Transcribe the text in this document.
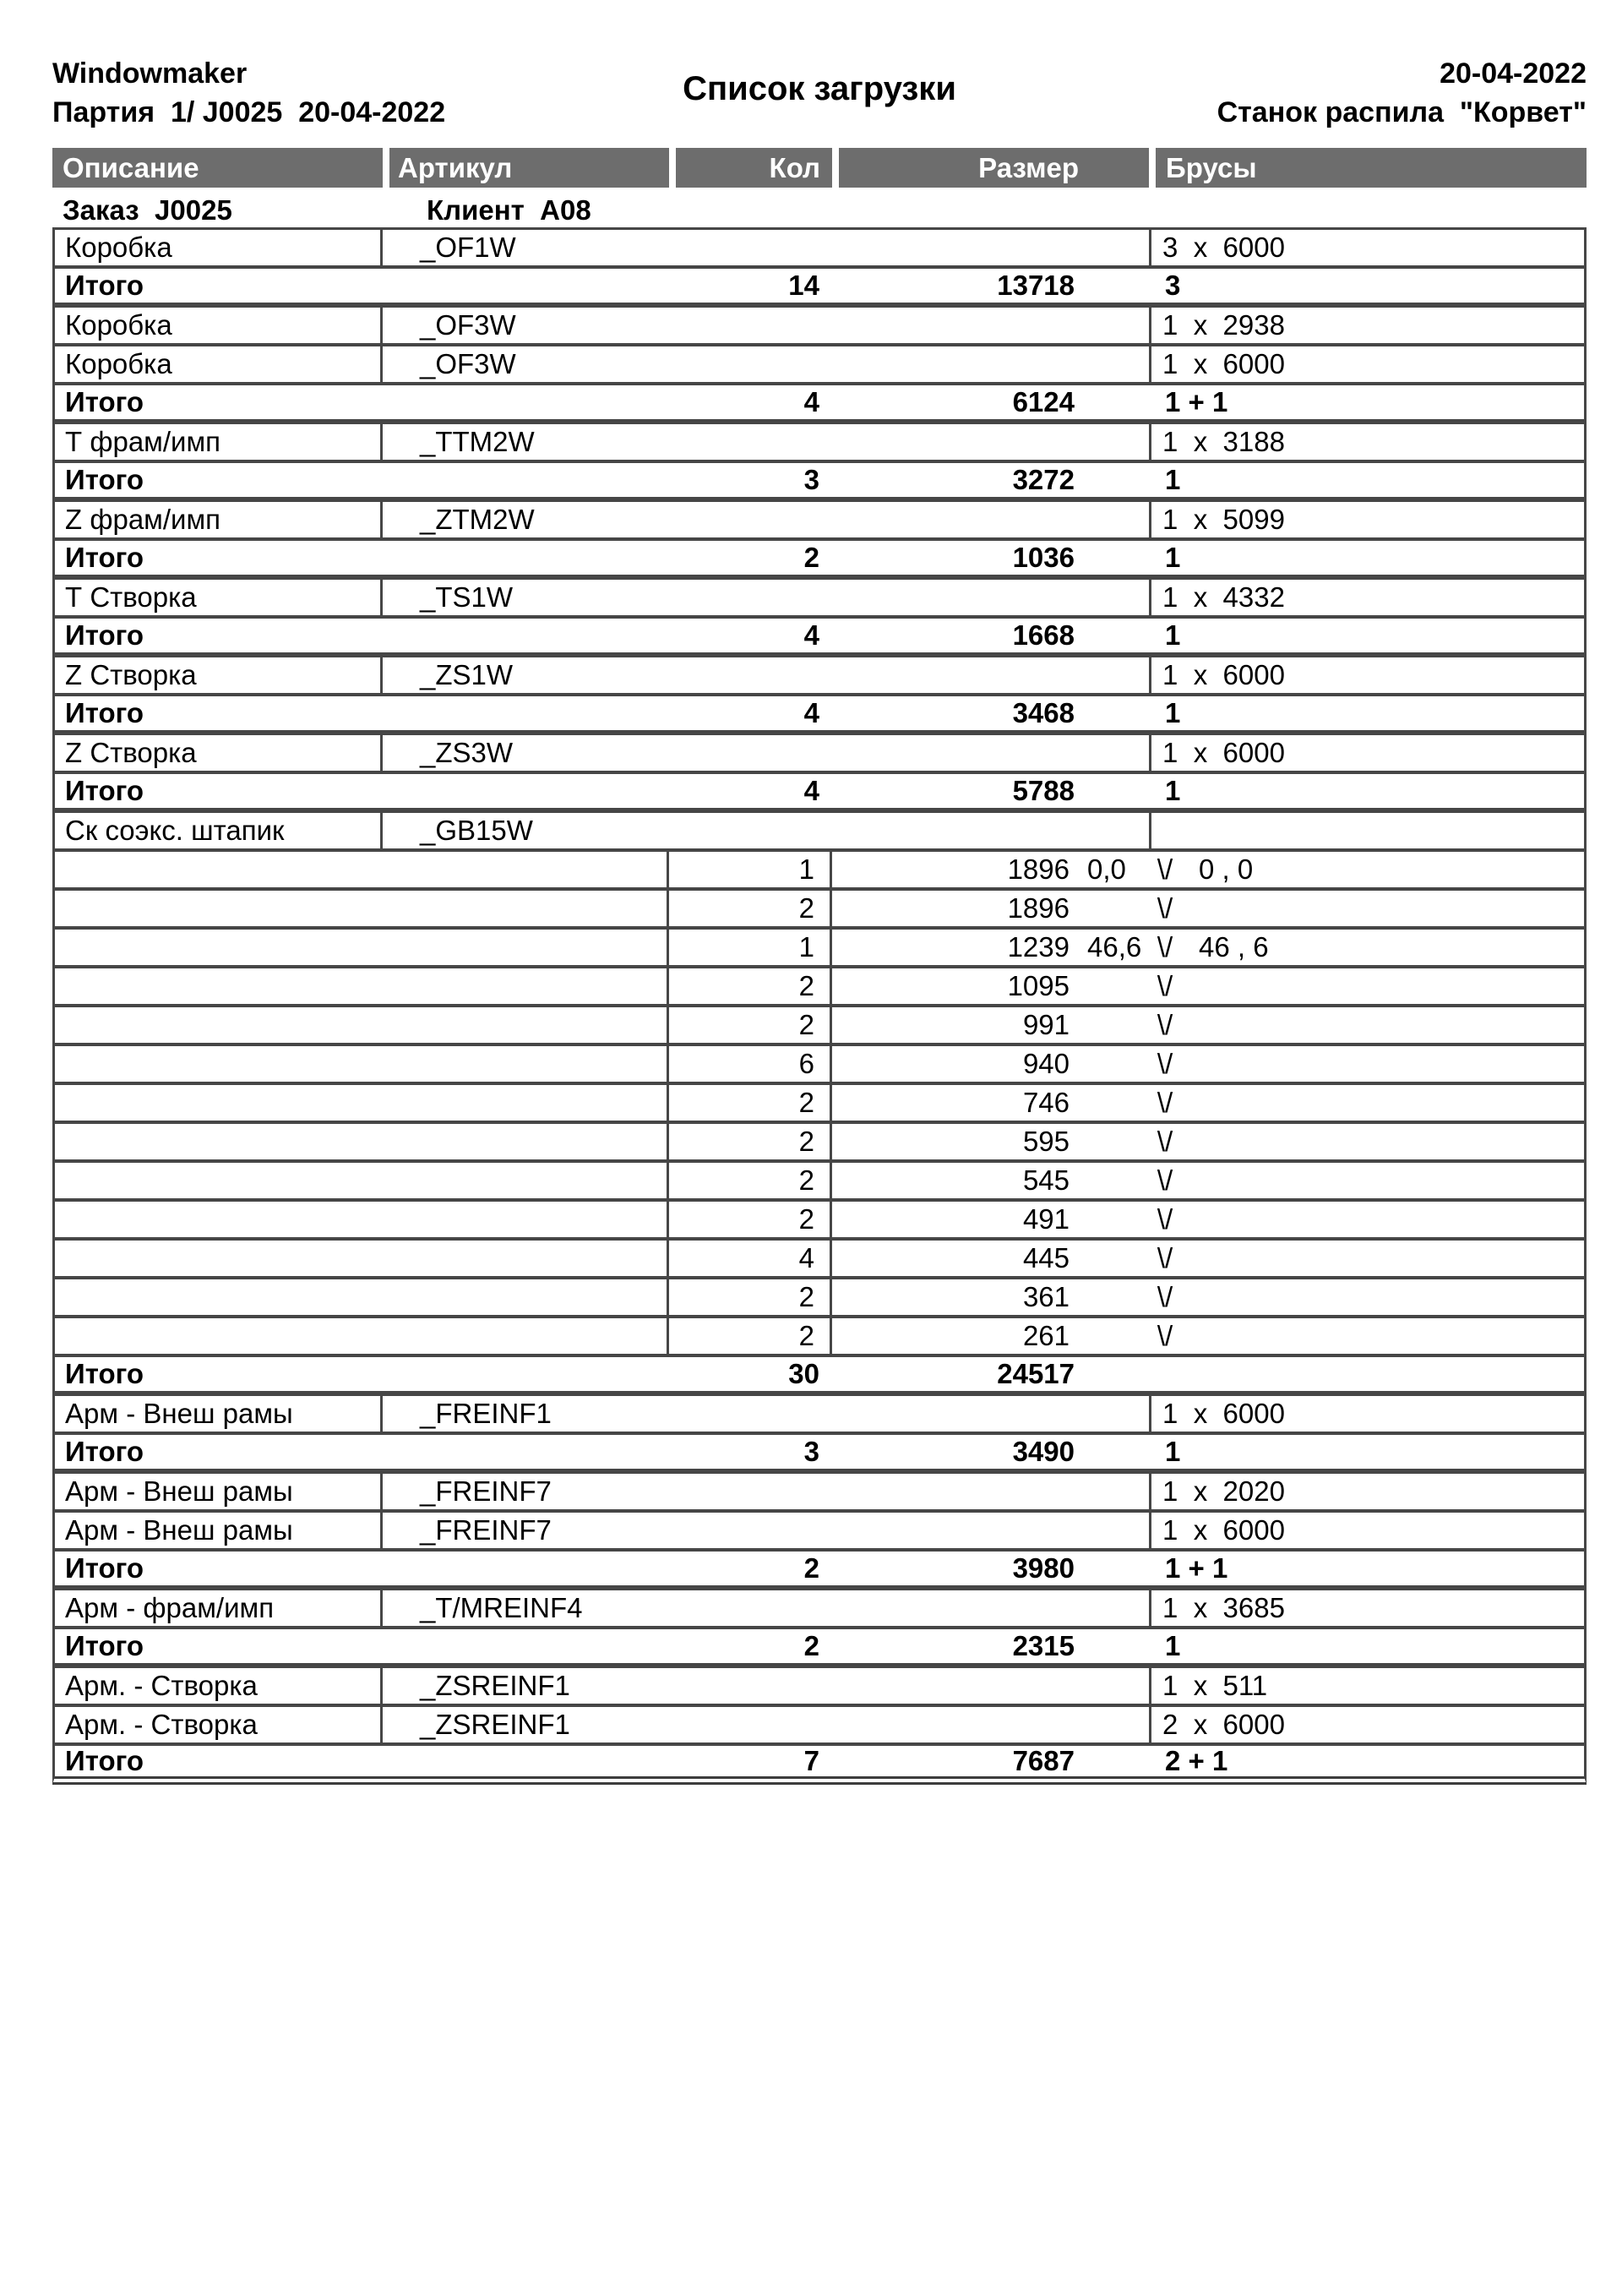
Windowmaker	Список загрузки	20-04-2022
Партия  1/ J0025  20-04-2022	Станок распила  "Корвет"
Описание	Артикул	Кол	Размер	Брусы
Заказ  J0025	Клиент  А08
Коробка	_OF1W	3  x  6000
Итого	14	13718	3
Коробка	_OF3W	1  x  2938
Коробка	_OF3W	1  x  6000
Итого	4	6124	1 + 1
Т фрам/имп	_TTM2W	1  x  3188
Итого	3	3272	1
Z фрам/имп	_ZTM2W	1  x  5099
Итого	2	1036	1
Т Створка	_TS1W	1  x  4332
Итого	4	1668	1
Z Створка	_ZS1W	1  x  6000
Итого	4	3468	1
Z Створка	_ZS3W	1  x  6000
Итого	4	5788	1
Ск соэкс. штапик	_GB15W
1	1896 0,0	\/ 0 , 0
2	1896	\/
1	1239 46,6 \/ 46 , 6
2	1095	\/
2	991	\/
6	940	\/
2	746	\/
2	595	\/
2	545	\/
2	491	\/
4	445	\/
2	361	\/
2	261	\/
Итого	30	24517
Арм - Внеш рамы	_FREINF1	1  x  6000
Итого	3	3490	1
Арм - Внеш рамы	_FREINF7	1  x  2020
Арм - Внеш рамы	_FREINF7	1  x  6000
Итого	2	3980	1 + 1
Арм - фрам/имп	_T/MREINF4	1  x  3685
Итого	2	2315	1
Арм. - Створка	_ZSREINF1	1  x  511
Арм. - Створка	_ZSREINF1	2  x  6000
Итого	7	7687	2 + 1
